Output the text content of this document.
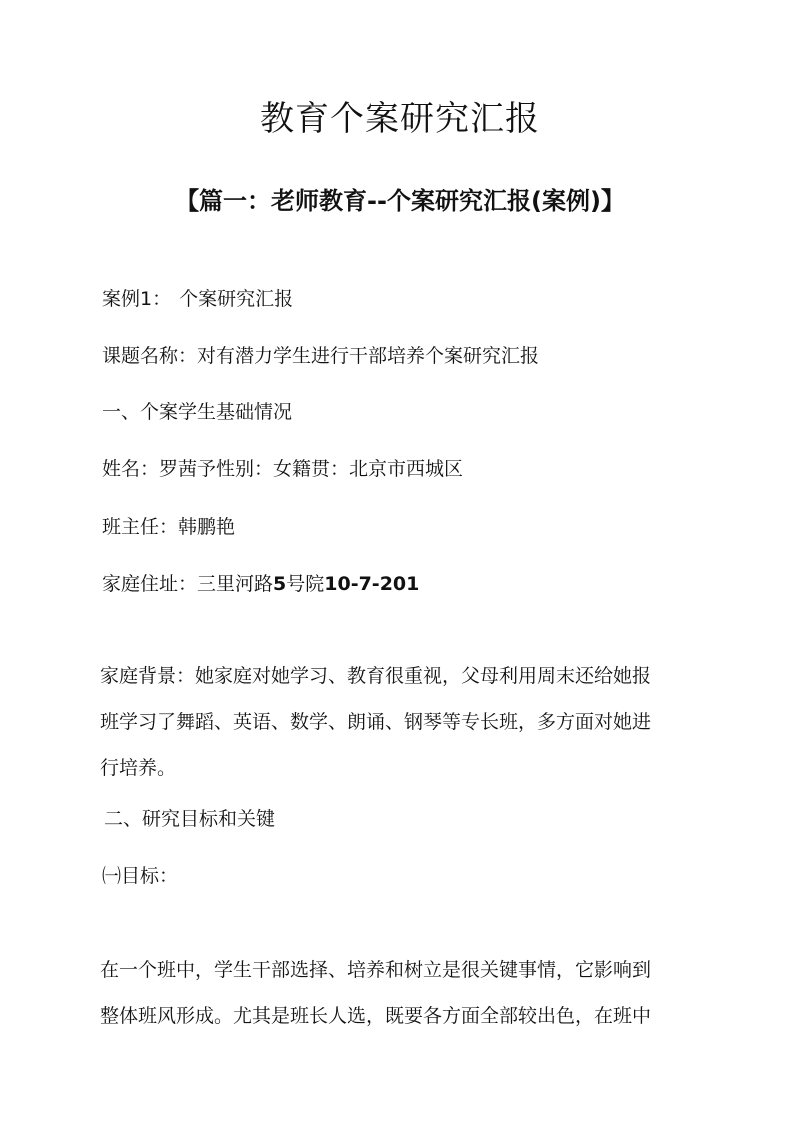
教育个案研究汇报
【篇一：老师教育--个案研究汇报(案例)】

案例1： 个案研究汇报

课题名称：对有潜力学生进行干部培养个案研究汇报

一、个案学生基础情况

姓名：罗茜予性别：女籍贯：北京市西城区

班主任：韩鹏艳

家庭住址：三里河路5号院10-7-201

家庭背景：她家庭对她学习、教育很重视，父母利用周末还给她报
班学习了舞蹈、英语、数学、朗诵、钢琴等专长班，多方面对她进
行培养。

二、研究目标和关键

㈠目标：

在一个班中，学生干部选择、培养和树立是很关键事情，它影响到
整体班风形成。尤其是班长人选，既要各方面全部较出色，在班中
